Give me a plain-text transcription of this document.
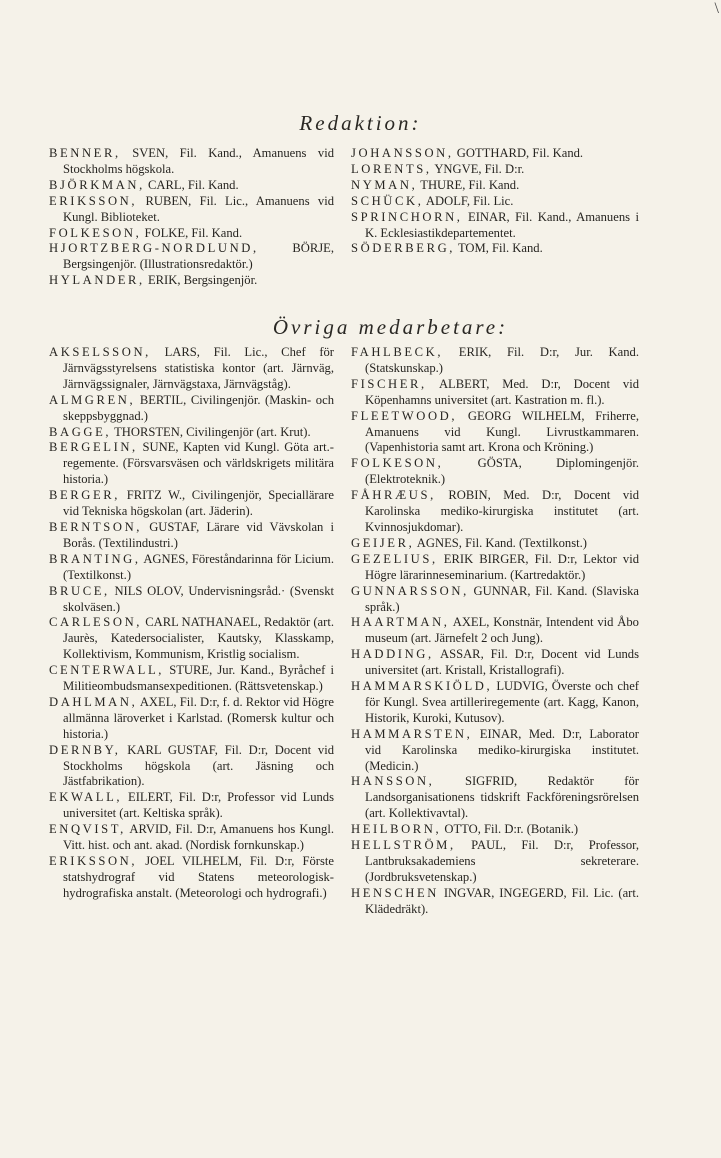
\
Redaktion:

BENNER, SVEN, Fil. Kand., Amanuens vid Stockholms högskola.

BJÖRKMAN, CARL, Fil. Kand.

ERIKSSON, RUBEN, Fil. Lic., Amanuens vid Kungl. Biblioteket.

FOLKESON, FOLKE, Fil. Kand.

HJORTZBERG-NORDLUND,	BÖRJE, Bergsingenjör. (Illustrationsredaktör.)

HYLANDER, ERIK, Bergsingenjör.

JOHANSSON, GOTTHARD, Fil. Kand.

LORENTS, YNGVE, Fil. D:r.

NYMAN, THURE, Fil. Kand.

SCHÜCK, ADOLF, Fil. Lic.

SPRINCHORN, EINAR, Fil. Kand., Amanuens i K. Ecklesiastikdepartementet.

SÖDERBERG, TOM, Fil. Kand.

Övriga medarbetare:

AKSELSSON, LARS, Fil. Lic., Chef för Järnvägsstyrelsens statistiska kontor (art. Järnväg, Järnvägssignaler, Järnvägstaxa, Järnvägståg).

ALMGREN, BERTIL, Civilingenjör. (Maskin- och skeppsbyggnad.)

BAGGE, THORSTEN, Civilingenjör (art. Krut).

BERGELIN, SUNE, Kapten vid Kungl. Göta art.-regemente. (Försvarsväsen och världskrigets militära historia.)

BERGER, FRITZ W., Civilingenjör, Speciallärare vid Tekniska högskolan (art. Jäderin).

BERNTSON, GUSTAF, Lärare vid Vävskolan i Borås. (Textilindustri.)

BRANTING, AGNES, Föreståndarinna för Licium. (Textilkonst.)

BRUCE, NILS OLOV, Undervisningsråd.· (Svenskt skolväsen.)

CARLESON, CARL NATHANAEL, Redaktör (art. Jaurès, Katedersocialister, Kautsky, Klasskamp, Kollektivism, Kommunism, Kristlig socialism.

CENTERWALL, STURE, Jur. Kand., Byråchef i Militieombudsmansexpeditionen. (Rättsvetenskap.)

DAHLMAN, AXEL, Fil. D:r, f. d. Rektor vid Högre allmänna läroverket i Karlstad. (Romersk kultur och historia.)

DERNBY, KARL GUSTAF, Fil. D:r, Docent vid Stockholms högskola (art. Jäsning och Jästfabrikation).

EKWALL, EILERT, Fil. D:r, Professor vid Lunds universitet (art. Keltiska språk).

ENQVIST, ARVID, Fil. D:r, Amanuens hos Kungl. Vitt. hist. och ant. akad. (Nordisk fornkunskap.)

ERIKSSON, JOEL VILHELM, Fil. D:r, Förste statshydrograf vid Statens meteorologisk-hydrografiska anstalt. (Meteorologi och hydrografi.)

FAHLBECK, ERIK, Fil. D:r, Jur. Kand. (Statskunskap.)

FISCHER, ALBERT, Med. D:r, Docent vid Köpenhamns universitet (art. Kastration m. fl.).

FLEETWOOD, GEORG WILHELM, Friherre, Amanuens vid Kungl. Livrustkammaren. (Vapenhistoria samt art. Krona och Kröning.)

FOLKESON,	GÖSTA, Diplomingenjör. (Elektroteknik.)

FÅHRÆUS, ROBIN, Med. D:r, Docent vid Karolinska mediko-kirurgiska institutet (art. Kvinnosjukdomar).

GEIJER, AGNES, Fil. Kand. (Textilkonst.)

GEZELIUS, ERIK BIRGER, Fil. D:r, Lektor vid Högre lärarinneseminarium. (Kartredaktör.)

GUNNARSSON, GUNNAR, Fil. Kand. (Slaviska språk.)

HAARTMAN, AXEL, Konstnär, Intendent vid Åbo museum (art. Järnefelt 2 och Jung).

HADDING, ASSAR, Fil. D:r, Docent vid Lunds universitet (art. Kristall, Kristallografi).

HAMMARSKIÖLD, LUDVIG, Överste och chef för Kungl. Svea artilleriregemente (art. Kagg, Kanon, Historik, Kuroki, Kutusov).

HAMMARSTEN, EINAR, Med. D:r, Laborator vid Karolinska mediko-kirurgiska institutet. (Medicin.)

HANSSON, SIGFRID, Redaktör för Landsorganisationens tidskrift Fackföreningsrörelsen (art. Kollektivavtal).

HEILBORN, OTTO, Fil. D:r. (Botanik.)

HELLSTRÖM, PAUL, Fil. D:r, Professor, Lantbruksakademiens sekreterare. (Jordbruksvetenskap.)

HENSCHEN INGVAR, INGEGERD, Fil. Lic. (art. Klädedräkt).
